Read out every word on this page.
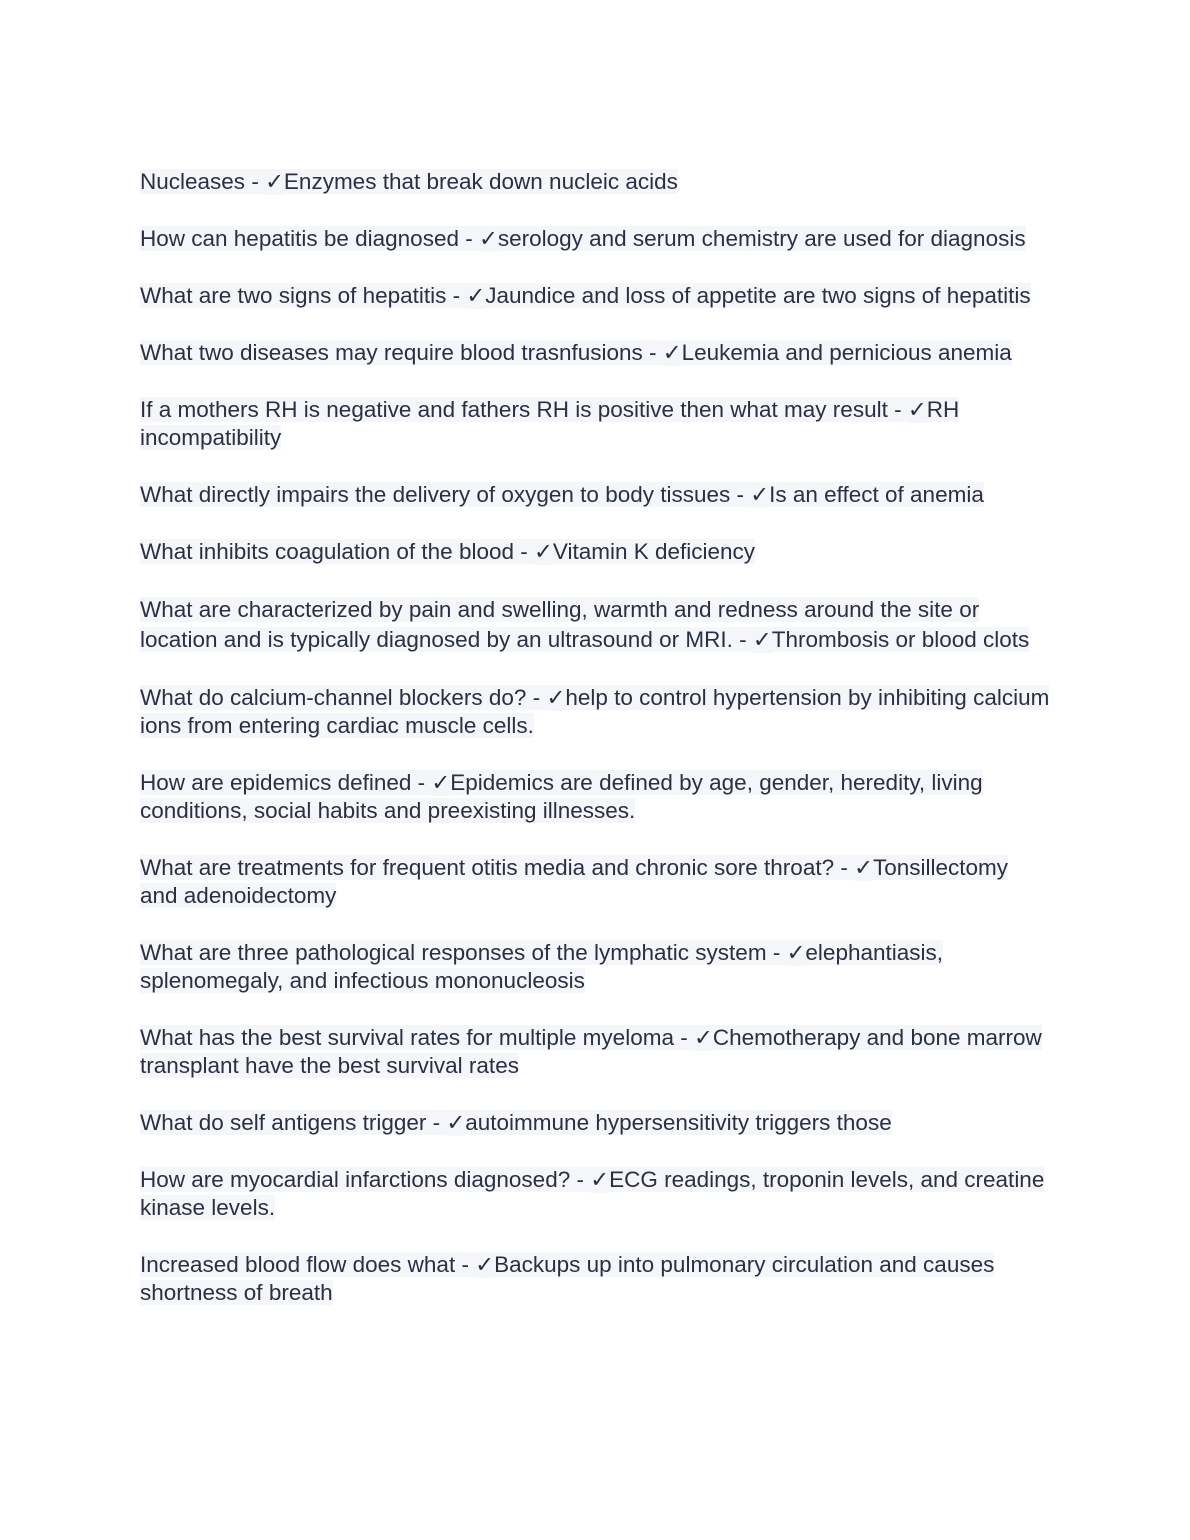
Nucleases - ✓Enzymes that break down nucleic acids

How can hepatitis be diagnosed - ✓serology and serum chemistry are used for diagnosis

What are two signs of hepatitis - ✓Jaundice and loss of appetite are two signs of hepatitis

What two diseases may require blood trasnfusions - ✓Leukemia and pernicious anemia

If a mothers RH is negative and fathers RH is positive then what may result - ✓RH incompatibility

What directly impairs the delivery of oxygen to body tissues - ✓Is an effect of anemia

What inhibits coagulation of the blood - ✓Vitamin K deficiency

What are characterized by pain and swelling, warmth and redness around the site or location and is typically diagnosed by an ultrasound or MRI. - ✓Thrombosis or blood clots

What do calcium-channel blockers do? - ✓help to control hypertension by inhibiting calcium ions from entering cardiac muscle cells.

How are epidemics defined - ✓Epidemics are defined by age, gender, heredity, living conditions, social habits and preexisting illnesses.

What are treatments for frequent otitis media and chronic sore throat? - ✓Tonsillectomy and adenoidectomy

What are three pathological responses of the lymphatic system - ✓elephantiasis, splenomegaly, and infectious mononucleosis

What has the best survival rates for multiple myeloma - ✓Chemotherapy and bone marrow transplant have the best survival rates

What do self antigens trigger - ✓autoimmune hypersensitivity triggers those

How are myocardial infarctions diagnosed? - ✓ECG readings, troponin levels, and creatine kinase levels.

Increased blood flow does what - ✓Backups up into pulmonary circulation and causes shortness of breath
